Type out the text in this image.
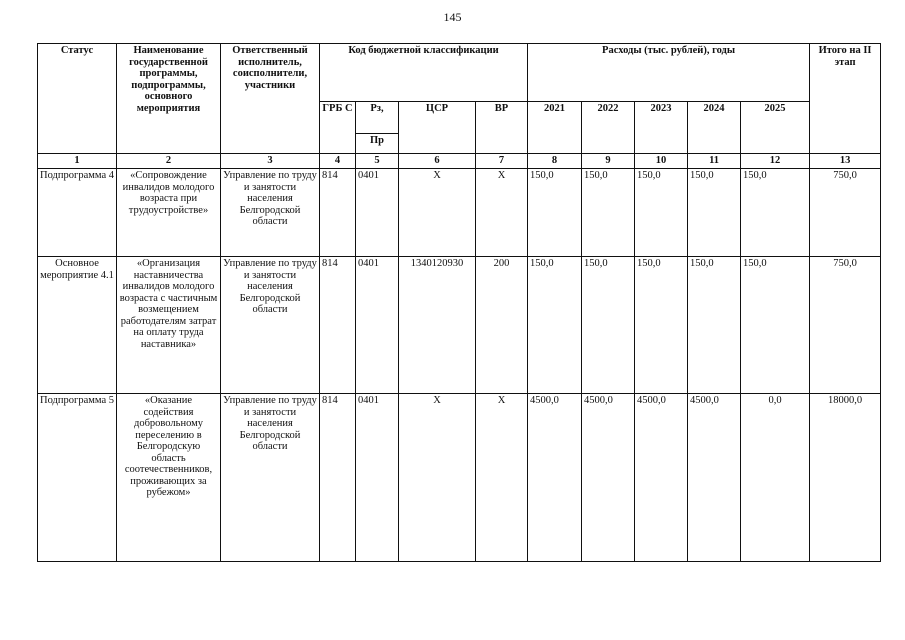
145
Статус	Наименование государственной программы, подпрограммы, основного мероприятия	Ответственный исполнитель, соисполнители, участники	Код бюджетной классификации				Расходы (тыс. рублей), годы					Итого на II этап
			ГРБ С	Рз,	ЦСР	ВР	2021	2022	2023	2024	2025	
				Пр								
1	2	3	4	5	6	7	8	9	10	11	12	13
Подпрограмма 4	«Сопровождение инвалидов молодого возраста при трудоустройстве»	Управление по труду и занятости населения Белгородской области	814	0401	Х	Х	150,0	150,0	150,0	150,0	150,0	750,0
Основное мероприятие 4.1	«Организация наставничества инвалидов молодого возраста с частичным возмещением работодателям затрат на оплату труда наставника»	Управление по труду и занятости населения Белгородской области	814	0401	1340120930	200	150,0	150,0	150,0	150,0	150,0	750,0
Подпрограмма 5	«Оказание содействия добровольному переселению в Белгородскую область соотечественников, проживающих за рубежом»	Управление по труду и занятости населения Белгородской области	814	0401	Х	Х	4500,0	4500,0	4500,0	4500,0	0,0	18000,0
